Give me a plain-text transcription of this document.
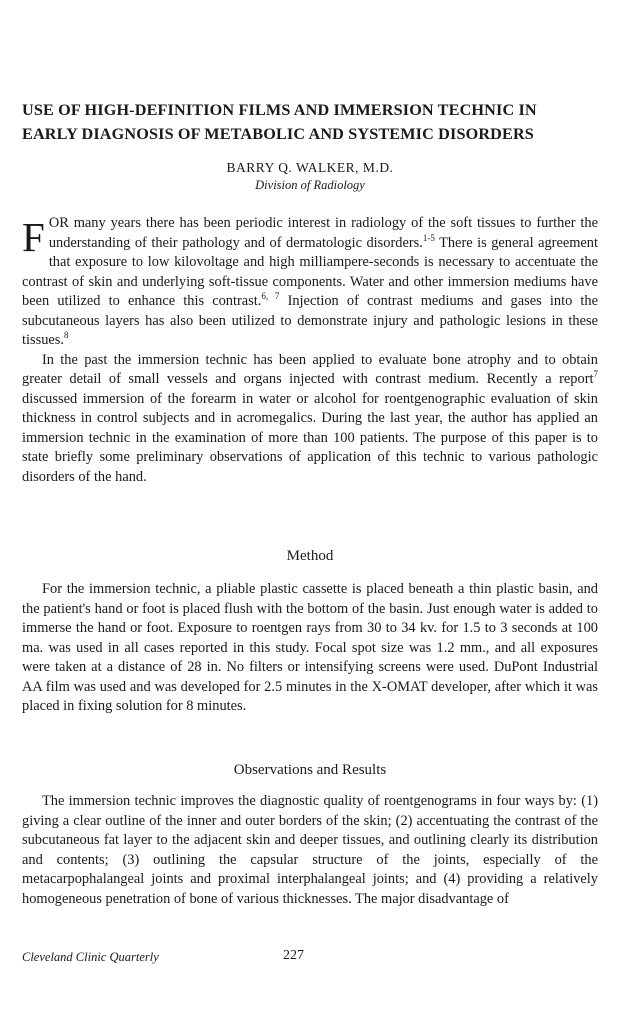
USE OF HIGH-DEFINITION FILMS AND IMMERSION TECHNIC IN
EARLY DIAGNOSIS OF METABOLIC AND SYSTEMIC DISORDERS
BARRY Q. WALKER, M.D.
Division of Radiology

FOR many years there has been periodic interest in radiology of the soft tissues to further the understanding of their pathology and of dermatologic disorders.$^{1-5}$ There is general agreement that exposure to low kilovoltage and high milliampere-seconds is necessary to accentuate the contrast of skin and underlying soft-tissue components. Water and other immersion mediums have been utilized to enhance this contrast.$^{6, 7}$ Injection of contrast mediums and gases into the subcutaneous layers has also been utilized to demonstrate injury and pathologic lesions in these tissues.$^8$

In the past the immersion technic has been applied to evaluate bone atrophy and to obtain greater detail of small vessels and organs injected with contrast medium. Recently a report$^7$ discussed immersion of the forearm in water or alcohol for roentgenographic evaluation of skin thickness in control subjects and in acromegalics. During the last year, the author has applied an immersion technic in the examination of more than 100 patients. The purpose of this paper is to state briefly some preliminary observations of application of this technic to various pathologic disorders of the hand.

Method

For the immersion technic, a pliable plastic cassette is placed beneath a thin plastic basin, and the patient's hand or foot is placed flush with the bottom of the basin. Just enough water is added to immerse the hand or foot. Exposure to roentgen rays from 30 to 34 kv. for 1.5 to 3 seconds at 100 ma. was used in all cases reported in this study. Focal spot size was 1.2 mm., and all exposures were taken at a distance of 28 in. No filters or intensifying screens were used. DuPont Industrial AA film was used and was developed for 2.5 minutes in the X-OMAT developer, after which it was placed in fixing solution for 8 minutes.

Observations and Results

The immersion technic improves the diagnostic quality of roentgenograms in four ways by: (1) giving a clear outline of the inner and outer borders of the skin; (2) accentuating the contrast of the subcutaneous fat layer to the adjacent skin and deeper tissues, and outlining clearly its distribution and contents; (3) outlining the capsular structure of the joints, especially of the metacarpophalangeal joints and proximal interphalangeal joints; and (4) providing a relatively homogeneous penetration of bone of various thicknesses. The major disadvantage of

Cleveland Clinic Quarterly	227
